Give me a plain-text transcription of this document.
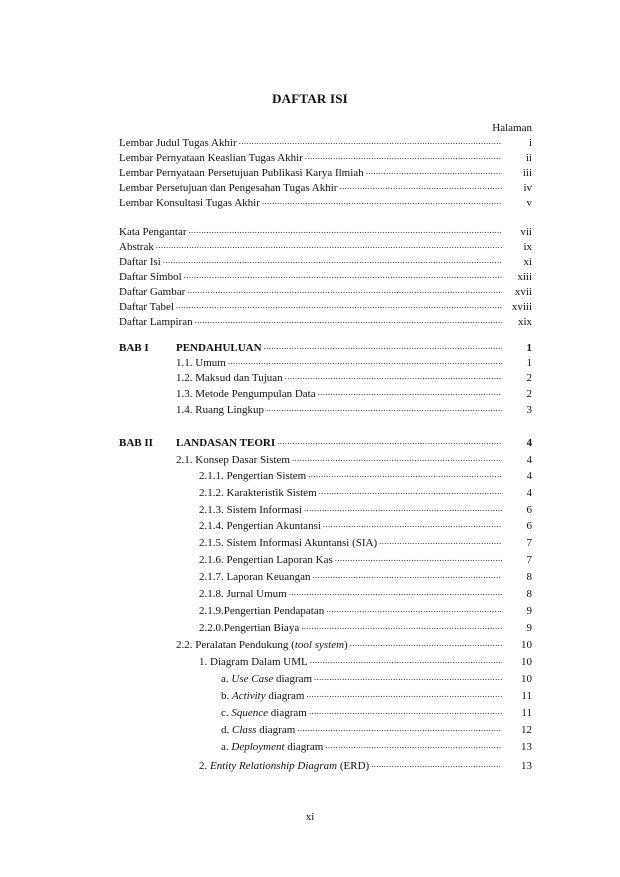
DAFTAR ISI
Halaman
Lembar Judul Tugas Akhir .....	i
Lembar Pernyataan Keaslian Tugas Akhir .....	ii
Lembar Pernyataan Persetujuan Publikasi Karya Ilmiah .....	iii
Lembar Persetujuan dan Pengesahan Tugas Akhir .....	iv
Lembar Konsultasi Tugas Akhir .....	v
Kata Pengantar .....	vii
Abstrak .....	ix
Daftar Isi .....	xi
Daftar Simbol .....	xiii
Daftar Gambar .....	xvii
Daftar Tabel .....	xviii
Daftar Lampiran .....	xix
BAB I PENDAHULUAN .....	1
1.1. Umum .....	1
1.2. Maksud dan Tujuan .....	2
1.3. Metode Pengumpulan Data .....	2
1.4. Ruang Lingkup .....	3
BAB II LANDASAN TEORI .....	4
2.1. Konsep Dasar Sistem .....	4
2.1.1. Pengertian Sistem .....	4
2.1.2. Karakteristik Sistem .....	4
2.1.3. Sistem Informasi .....	6
2.1.4. Pengertian Akuntansi .....	6
2.1.5. Sistem Informasi Akuntansi (SIA) .....	7
2.1.6. Pengertian Laporan Kas .....	7
2.1.7. Laporan Keuangan .....	8
2.1.8. Jurnal Umum .....	8
2.1.9.Pengertian Pendapatan .....	9
2.2.0.Pengertian Biaya .....	9
2.2. Peralatan Pendukung (tool system) .....	10
1. Diagram Dalam UML .....	10
a. Use Case diagram .....	10
b. Activity diagram .....	11
c. Squence diagram .....	11
d. Class diagram .....	12
a. Deployment diagram .....	13
2. Entity Relationship Diagram (ERD) .....	13
xi
